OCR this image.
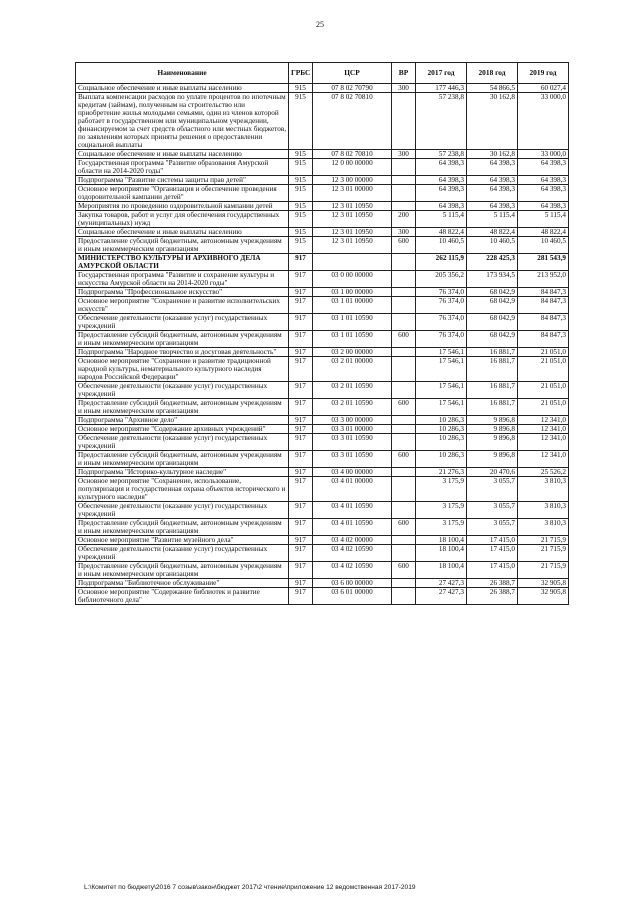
25
Наименование	ГРБС	ЦСР	ВР	2017 год	2018 год	2019 год
Социальное обеспечение и иные выплаты населению	915	07 8 02 70790	300	177 446,3	54 866,5	60 027,4
Выплата компенсации расходов по уплате процентов по ипотечным кредитам (займам), полученным на строительство или приобретение жилья молодыми семьями, один из членов которой работает в государственном или муниципальном учреждении, финансируемом за счет средств областного или местных бюджетов, по заявлениям которых приняты решения о предоставлении социальной выплаты	915	07 8 02 70810		57 238,8	30 162,8	33 000,0
Социальное обеспечение и иные выплаты населению	915	07 8 02 70810	300	57 238,8	30 162,8	33 000,0
Государственная программа "Развитие образования Амурской области на 2014-2020 годы"	915	12 0 00 00000		64 398,3	64 398,3	64 398,3
Подпрограмма "Развитие системы защиты прав детей"	915	12 3 00 00000		64 398,3	64 398,3	64 398,3
Основное мероприятие "Организация и обеспечение проведения оздоровительной кампании детей"	915	12 3 01 00000		64 398,3	64 398,3	64 398,3
Мероприятия по проведению оздоровительной кампании детей	915	12 3 01 10950		64 398,3	64 398,3	64 398,3
Закупка товаров, работ и услуг для обеспечения государственных (муниципальных) нужд	915	12 3 01 10950	200	5 115,4	5 115,4	5 115,4
Социальное обеспечение и иные выплаты населению	915	12 3 01 10950	300	48 822,4	48 822,4	48 822,4
Предоставление субсидий бюджетным, автономным учреждениям и иным некоммерческим организациям	915	12 3 01 10950	600	10 460,5	10 460,5	10 460,5
МИНИСТЕРСТВО КУЛЬТУРЫ И АРХИВНОГО ДЕЛА АМУРСКОЙ ОБЛАСТИ	917			262 115,9	228 425,3	281 543,9
Государственная программа "Развитие и сохранение культуры и искусства Амурской области на 2014-2020 годы"	917	03 0 00 00000		205 356,2	173 934,5	213 952,0
Подпрограмма "Профессиональное искусство"	917	03 1 00 00000		76 374,0	68 042,9	84 847,3
Основное мероприятие "Сохранение и развитие исполнительских искусств"	917	03 1 01 00000		76 374,0	68 042,9	84 847,3
Обеспечение деятельности (оказание услуг) государственных учреждений	917	03 1 01 10590		76 374,0	68 042,9	84 847,3
Предоставление субсидий бюджетным, автономным учреждениям и иным некоммерческим организациям	917	03 1 01 10590	600	76 374,0	68 042,9	84 847,3
Подпрограмма "Народное творчество и досуговая деятельность"	917	03 2 00 00000		17 546,1	16 881,7	21 051,0
Основное мероприятие "Сохранение и развитие традиционной народной культуры, нематериального культурного наследия народов Российской Федерации"	917	03 2 01 00000		17 546,1	16 881,7	21 051,0
Обеспечение деятельности (оказание услуг) государственных учреждений	917	03 2 01 10590		17 546,1	16 881,7	21 051,0
Предоставление субсидий бюджетным, автономным учреждениям и иным некоммерческим организациям	917	03 2 01 10590	600	17 546,1	16 881,7	21 051,0
Подпрограмма "Архивное дело"	917	03 3 00 00000		10 286,3	9 896,8	12 341,0
Основное мероприятие "Содержание архивных учреждений"	917	03 3 01 00000		10 286,3	9 896,8	12 341,0
Обеспечение деятельности (оказание услуг) государственных учреждений	917	03 3 01 10590		10 286,3	9 896,8	12 341,0
Предоставление субсидий бюджетным, автономным учреждениям и иным некоммерческим организациям	917	03 3 01 10590	600	10 286,3	9 896,8	12 341,0
Подпрограмма "Историко-культурное наследие"	917	03 4 00 00000		21 276,3	20 470,6	25 526,2
Основное мероприятие "Сохранение, использование, популяризация и государственная охрана объектов исторического и культурного наследия"	917	03 4 01 00000		3 175,9	3 055,7	3 810,3
Обеспечение деятельности (оказание услуг) государственных учреждений	917	03 4 01 10590		3 175,9	3 055,7	3 810,3
Предоставление субсидий бюджетным, автономным учреждениям и иным некоммерческим организациям	917	03 4 01 10590	600	3 175,9	3 055,7	3 810,3
Основное мероприятие "Развитие музейного дела"	917	03 4 02 00000		18 100,4	17 415,0	21 715,9
Обеспечение деятельности (оказание услуг) государственных учреждений	917	03 4 02 10590		18 100,4	17 415,0	21 715,9
Предоставление субсидий бюджетным, автономным учреждениям и иным некоммерческим организациям	917	03 4 02 10590	600	18 100,4	17 415,0	21 715,9
Подпрограмма "Библиотечное обслуживание"	917	03 6 00 00000		27 427,3	26 388,7	32 905,8
Основное мероприятие "Содержание библиотек и развитие библиотечного дела"	917	03 6 01 00000		27 427,3	26 388,7	32 905,8
L:\Комитет по бюджету\2016 7 созыв\закон\бюджет 2017\2 чтение\приложение 12 ведомственная 2017-2019
